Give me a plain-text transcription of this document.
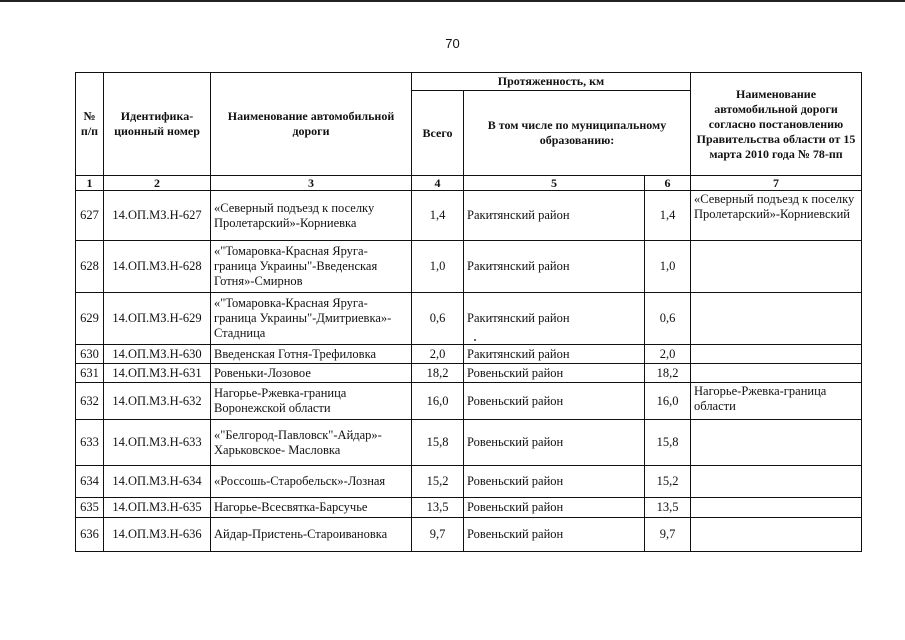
70
№ п/п	Идентифика-ционный номер	Наименование автомобильной дороги	Протяженность, км			Наименование автомобильной дороги согласно постановлению Правительства области от 15 марта 2010 года № 78-пп
			Всего	В том числе по муниципальному образованию:		
1	2	3	4	5	6	7
627	14.ОП.МЗ.Н-627	«Северный подъезд к поселку Пролетарский»-Корниевка	1,4	Ракитянский район	1,4	«Северный подъезд к поселку Пролетарский»-Корниевский
628	14.ОП.МЗ.Н-628	«"Томаровка-Красная Яруга-граница Украины"-Введенская Готня»-Смирнов	1,0	Ракитянский район	1,0	
629	14.ОП.МЗ.Н-629	«"Томаровка-Красная Яруга-граница Украины"-Дмитриевка»-Стадница	0,6	Ракитянский район	0,6	
630	14.ОП.МЗ.Н-630	Введенская Готня-Трефиловка	2,0	Ракитянский район	2,0	
631	14.ОП.МЗ.Н-631	Ровеньки-Лозовое	18,2	Ровеньский район	18,2	
632	14.ОП.МЗ.Н-632	Нагорье-Ржевка-граница Воронежской области	16,0	Ровеньский район	16,0	Нагорье-Ржевка-граница области
633	14.ОП.МЗ.Н-633	«"Белгород-Павловск"-Айдар»-Харьковское- Масловка	15,8	Ровеньский район	15,8	
634	14.ОП.МЗ.Н-634	«Россошь-Старобельск»-Лозная	15,2	Ровеньский район	15,2	
635	14.ОП.МЗ.Н-635	Нагорье-Всесвятка-Барсучье	13,5	Ровеньский район	13,5	
636	14.ОП.МЗ.Н-636	Айдар-Пристень-Староивановка	9,7	Ровеньский район	9,7	
